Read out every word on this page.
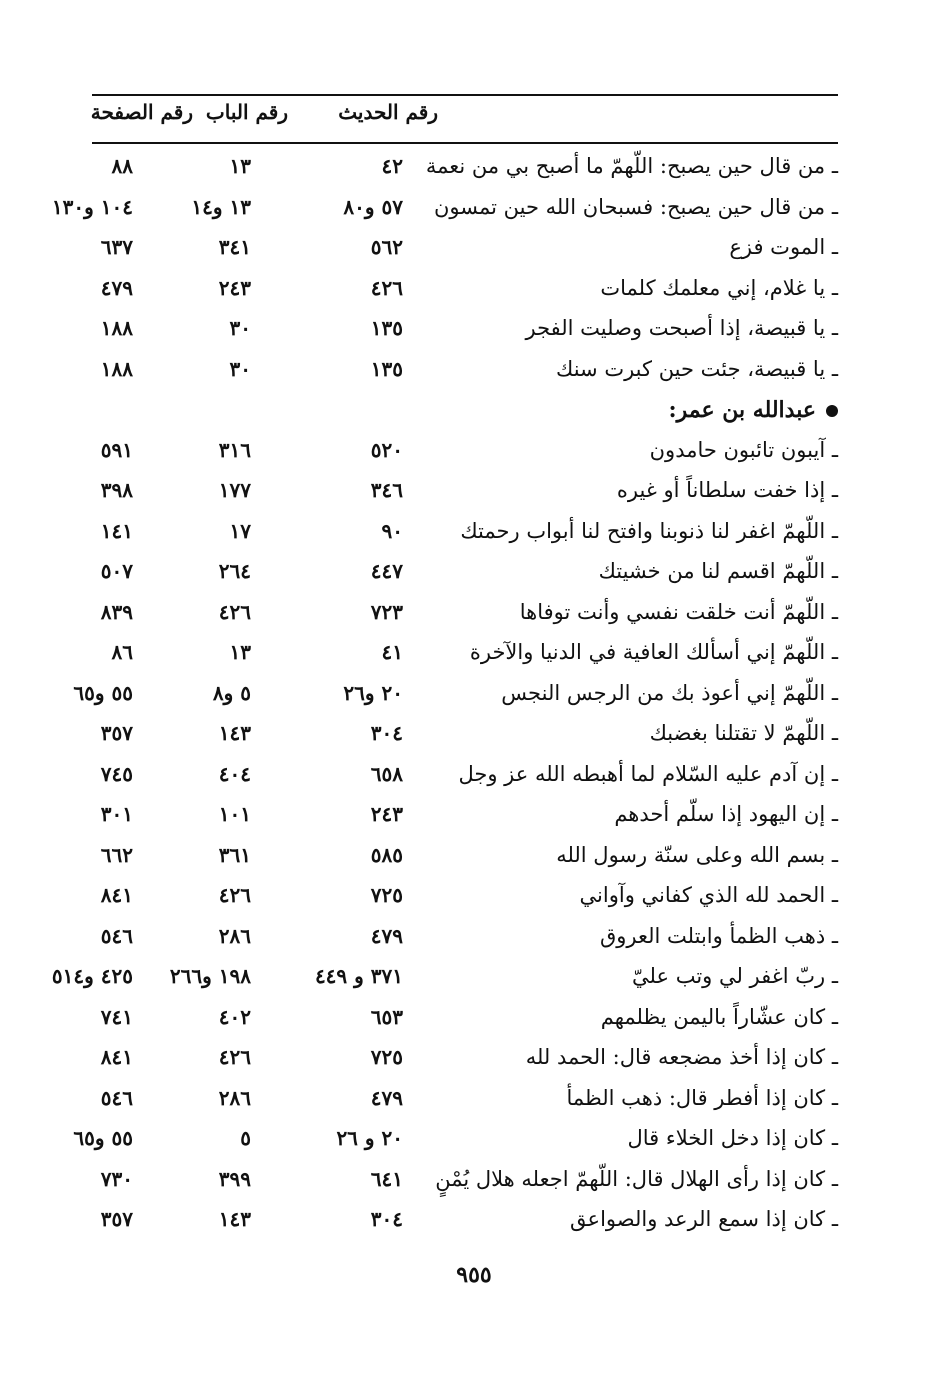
رقم الحديث
رقم الباب
رقم الصفحة
ـ من قال حين يصبح: اللّهمّ ما أصبح بي من نعمة
٤٢
١٣
٨٨
ـ من قال حين يصبح: فسبحان الله حين تمسون
٥٧ و٨٠
١٣ و١٤
١٠٤ و١٣٠
ـ الموت فزع
٥٦٢
٣٤١
٦٣٧
ـ يا غلام، إني معلمك كلمات
٤٢٦
٢٤٣
٤٧٩
ـ يا قبيصة، إذا أصبحت وصليت الفجر
١٣٥
٣٠
١٨٨
ـ يا قبيصة، جئت حين كبرت سنك
١٣٥
٣٠
١٨٨
عبدالله بن عمر:
ـ آيبون تائبون حامدون
٥٢٠
٣١٦
٥٩١
ـ إذا خفت سلطاناً أو غيره
٣٤٦
١٧٧
٣٩٨
ـ اللّهمّ اغفر لنا ذنوبنا وافتح لنا أبواب رحمتك
٩٠
١٧
١٤١
ـ اللّهمّ اقسم لنا من خشيتك
٤٤٧
٢٦٤
٥٠٧
ـ اللّهمّ أنت خلقت نفسي وأنت توفاها
٧٢٣
٤٢٦
٨٣٩
ـ اللّهمّ إني أسألك العافية في الدنيا والآخرة
٤١
١٣
٨٦
ـ اللّهمّ إني أعوذ بك من الرجس النجس
٢٠ و٢٦
٥ و٨
٥٥ و٦٥
ـ اللّهمّ لا تقتلنا بغضبك
٣٠٤
١٤٣
٣٥٧
ـ إن آدم عليه السّلام لما أهبطه الله عز وجل
٦٥٨
٤٠٤
٧٤٥
ـ إن اليهود إذا سلّم أحدهم
٢٤٣
١٠١
٣٠١
ـ بسم الله وعلى سنّة رسول الله
٥٨٥
٣٦١
٦٦٢
ـ الحمد لله الذي كفاني وآواني
٧٢٥
٤٢٦
٨٤١
ـ ذهب الظمأ وابتلت العروق
٤٧٩
٢٨٦
٥٤٦
ـ ربّ اغفر لي وتب عليّ
٣٧١ و ٤٤٩
١٩٨ و٢٦٦
٤٢٥ و٥١٤
ـ كان عشّاراً باليمن يظلمهم
٦٥٣
٤٠٢
٧٤١
ـ كان إذا أخذ مضجعه قال: الحمد لله
٧٢٥
٤٢٦
٨٤١
ـ كان إذا أفطر قال: ذهب الظمأ
٤٧٩
٢٨٦
٥٤٦
ـ كان إذا دخل الخلاء قال
٢٠ و ٢٦
٥
٥٥ و٦٥
ـ كان إذا رأى الهلال قال: اللّهمّ اجعله هلال يُمْنٍ
٦٤١
٣٩٩
٧٣٠
ـ كان إذا سمع الرعد والصواعق
٣٠٤
١٤٣
٣٥٧
٩٥٥
